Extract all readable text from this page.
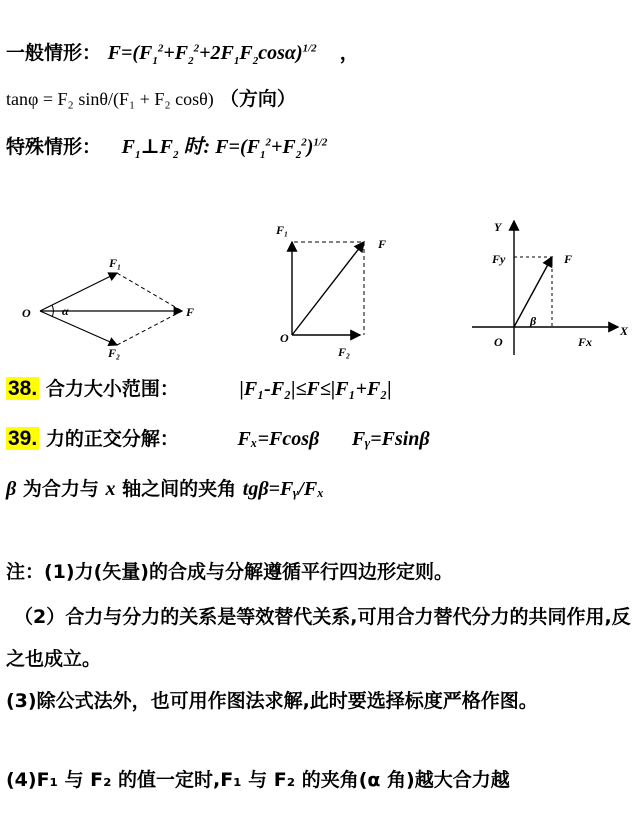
一般情形： $F=(F_1^2+F_2^2+2F_1F_2\cos\alpha)^{1/2}$ ，
tanφ = F₂ sinθ/(F₁ + F₂ cosθ) （方向）
特殊情形： $F_1\perp F_2$ 时: $F=(F_1^2+F_2^2)^{1/2}$
O	α	F
F₁
F₂
O
F₁
F
F₂
Y
Fy	F
β
X
O	Fx
38. 合力大小范围：	|F₁-F₂|≤F≤|F₁+F₂|
39. 力的正交分解：	Fₓ=Fcosβ Fᵧ=Fsinβ
β 为合力与 x 轴之间的夹角 tgβ=Fᵧ/Fₓ
注：(1)力(矢量)的合成与分解遵循平行四边形定则。
（2）合力与分力的关系是等效替代关系,可用合力替代分力的共同作用,反之也成立。
(3)除公式法外，也可用作图法求解,此时要选择标度严格作图。
(4)F₁ 与 F₂ 的值一定时,F₁ 与 F₂ 的夹角(α 角)越大合力越
